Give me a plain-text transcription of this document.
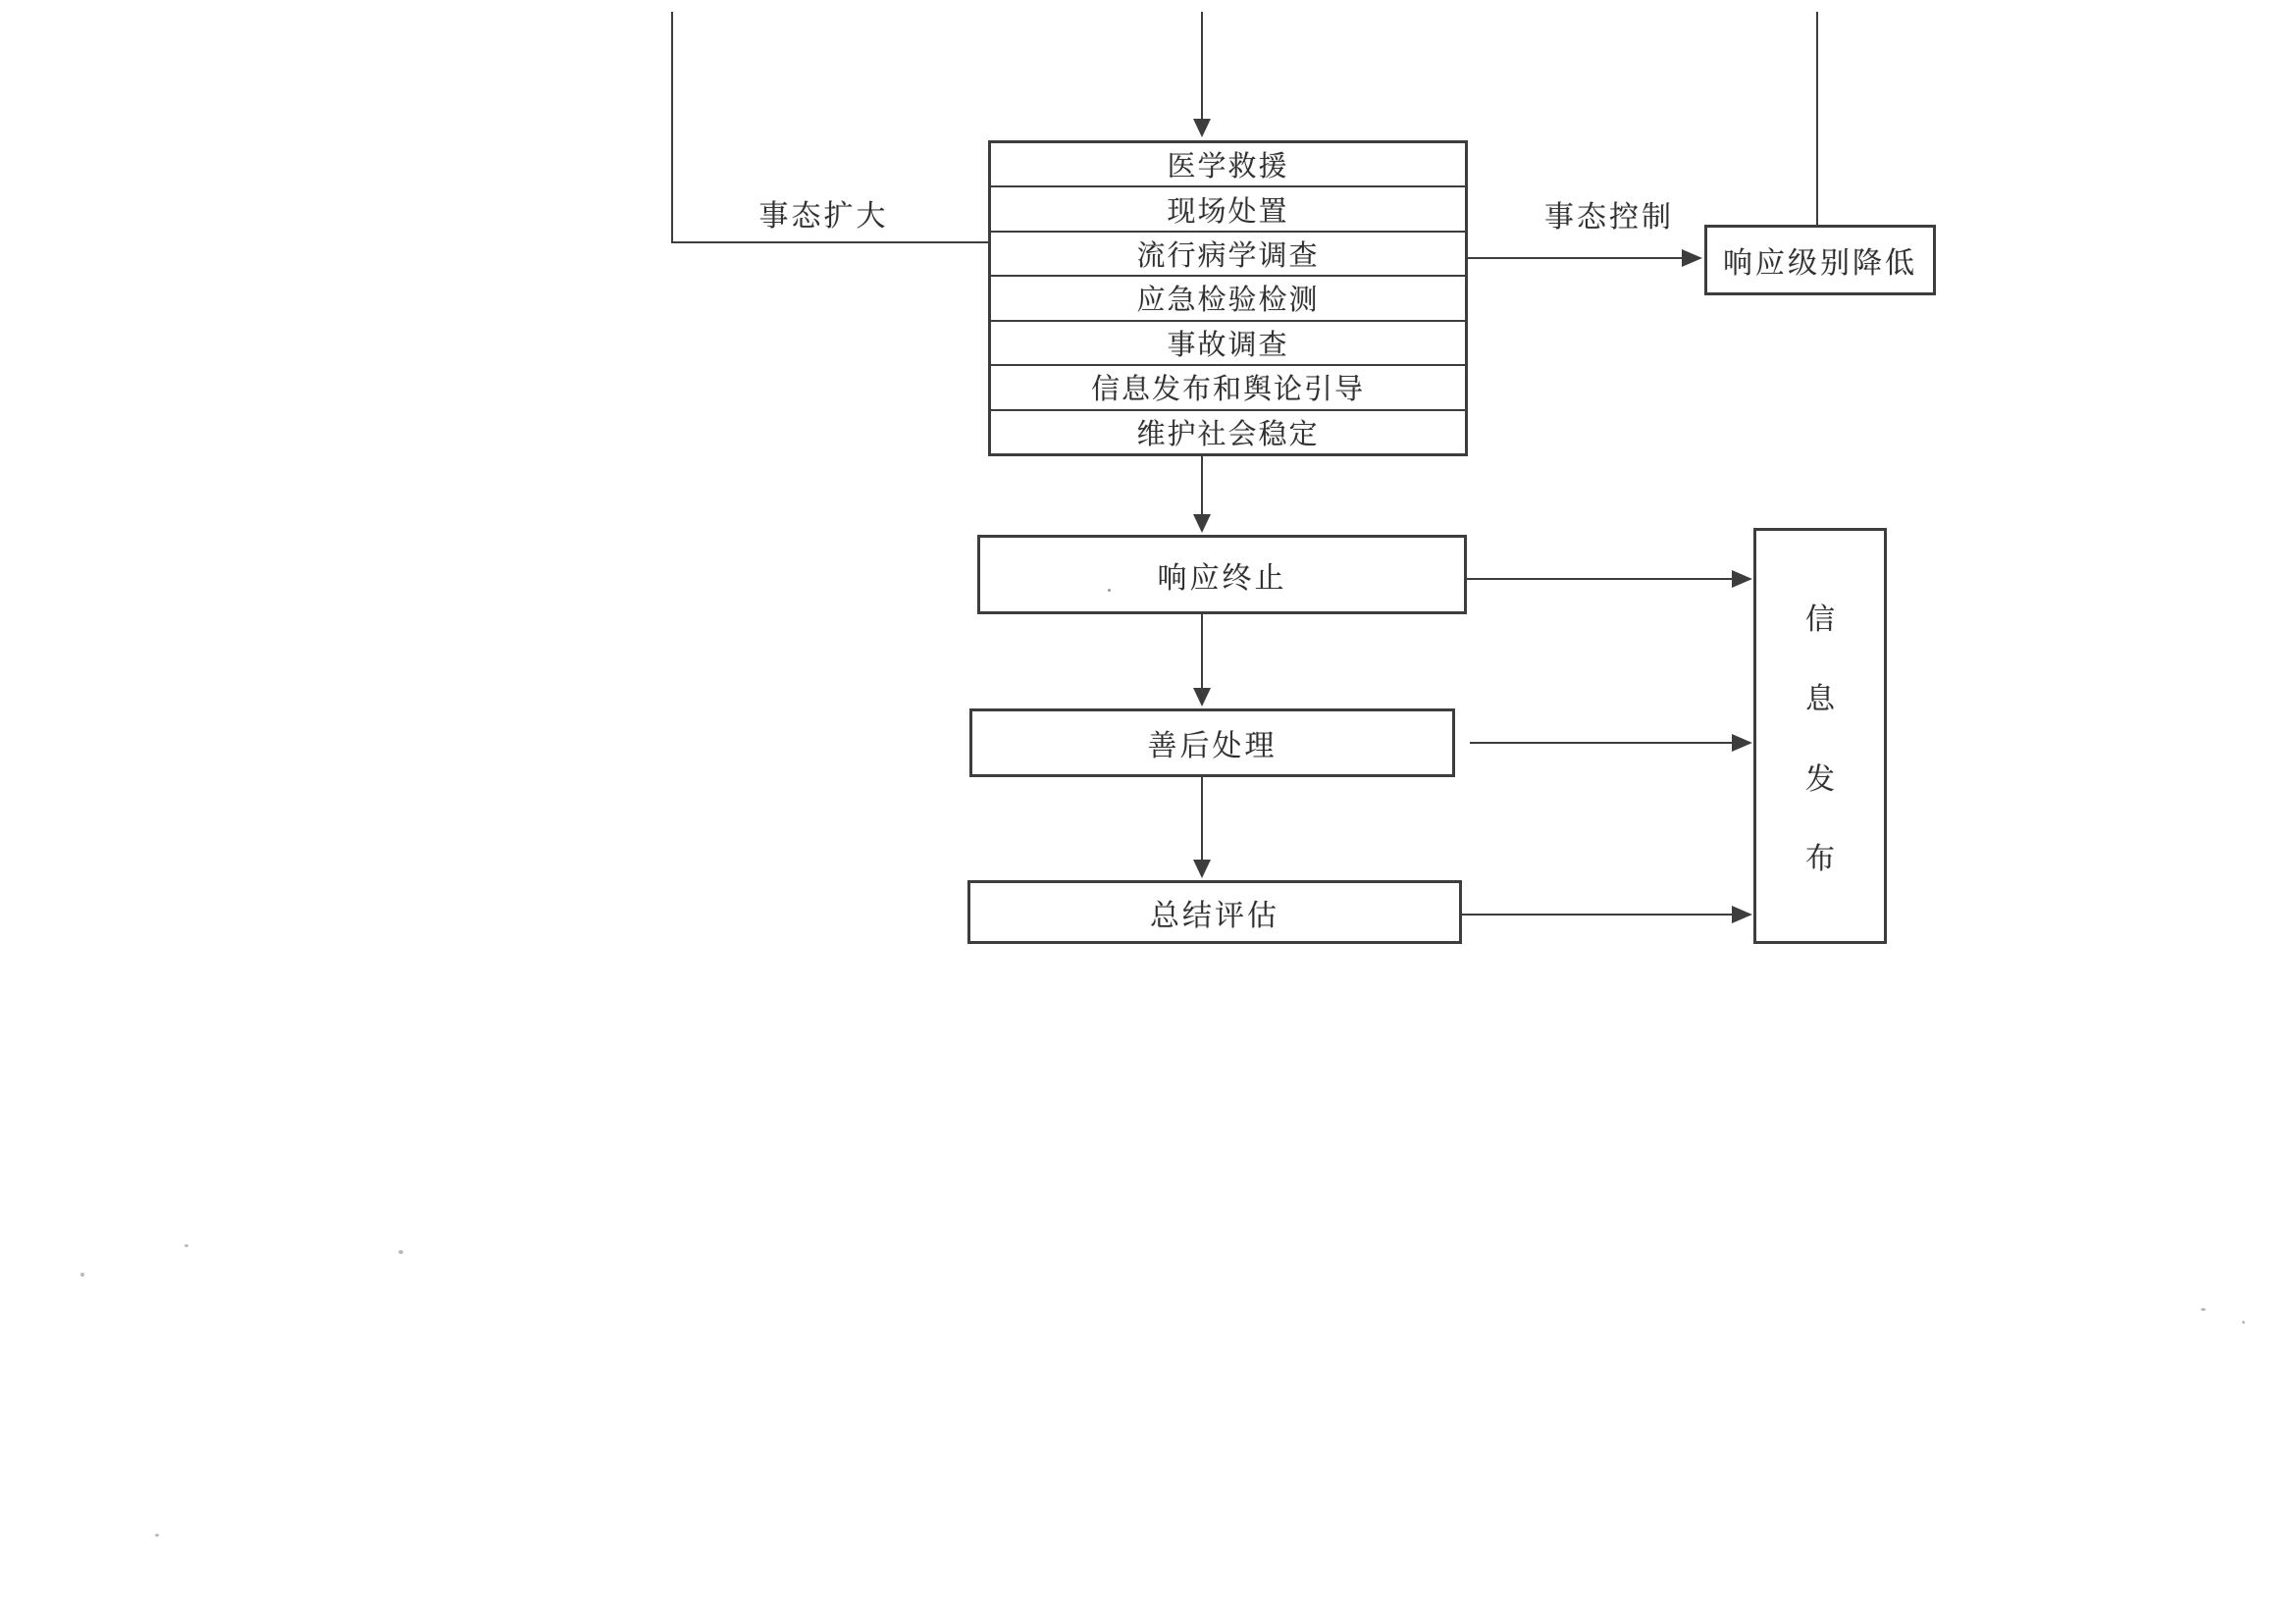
事态扩大
医学救援
现场处置
流行病学调查
应急检验检测
事故调查
信息发布和舆论引导
维护社会稳定
事态控制
响应级别降低
响应终止
善后处理
总结评估
信
息
发
布
